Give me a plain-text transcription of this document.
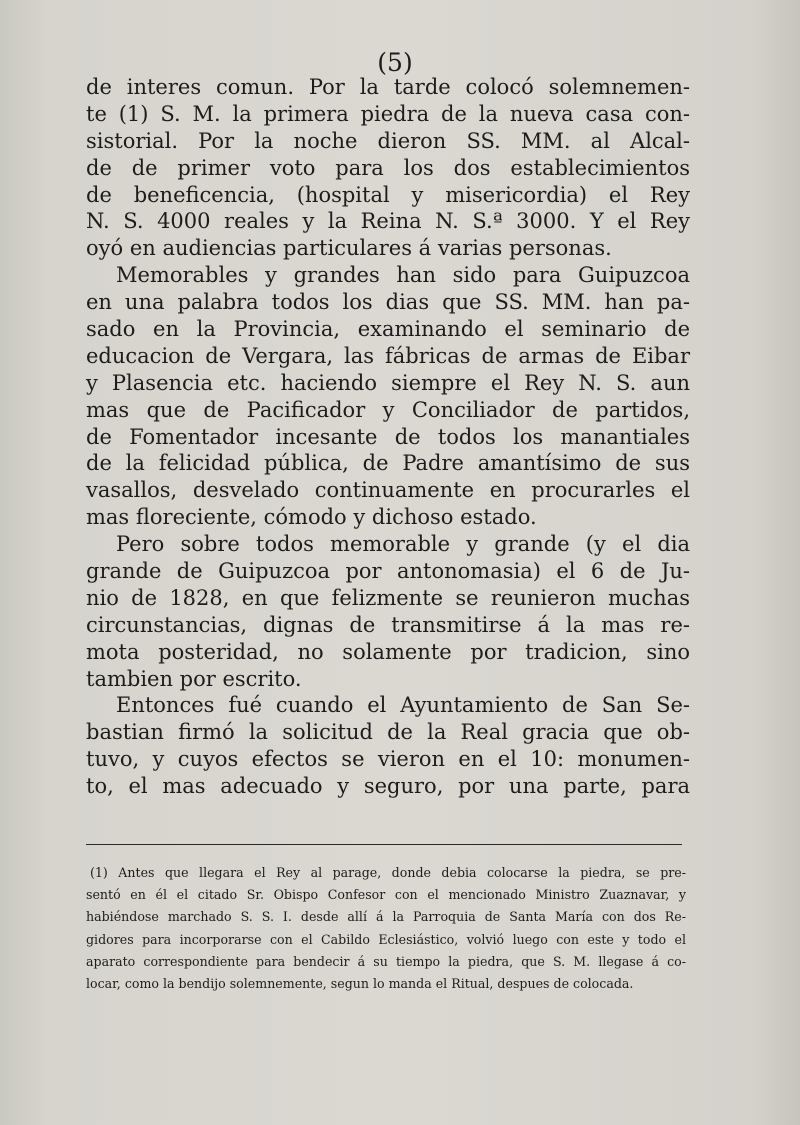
(5)
de interes comun. Por la tarde colocó solemnemen-
te (1) S. M. la primera piedra de la nueva casa con-
sistorial. Por la noche dieron SS. MM. al Alcal-
de de primer voto para los dos establecimientos
de beneficencia, (hospital y misericordia) el Rey
N. S. 4000 reales y la Reina N. S.ª 3000. Y el Rey
oyó en audiencias particulares á varias personas.
Memorables y grandes han sido para Guipuzcoa
en una palabra todos los dias que SS. MM. han pa-
sado en la Provincia, examinando el seminario de
educacion de Vergara, las fábricas de armas de Eibar
y Plasencia etc. haciendo siempre el Rey N. S. aun
mas que de Pacificador y Conciliador de partidos,
de Fomentador incesante de todos los manantiales
de la felicidad pública, de Padre amantísimo de sus
vasallos, desvelado continuamente en procurarles el
mas floreciente, cómodo y dichoso estado.
Pero sobre todos memorable y grande (y el dia
grande de Guipuzcoa por antonomasia) el 6 de Ju-
nio de 1828, en que felizmente se reunieron muchas
circunstancias, dignas de transmitirse á la mas re-
mota posteridad, no solamente por tradicion, sino
tambien por escrito.
Entonces fué cuando el Ayuntamiento de San Se-
bastian firmó la solicitud de la Real gracia que ob-
tuvo, y cuyos efectos se vieron en el 10: monumen-
to, el mas adecuado y seguro, por una parte, para
(1) Antes que llegara el Rey al parage, donde debia colocarse la piedra, se pre-
sentó en él el citado Sr. Obispo Confesor con el mencionado Ministro Zuaznavar, y
habiéndose marchado S. S. I. desde allí á la Parroquia de Santa María con dos Re-
gidores para incorporarse con el Cabildo Eclesiástico, volvió luego con este y todo el
aparato correspondiente para bendecir á su tiempo la piedra, que S. M. llegase á co-
locar, como la bendijo solemnemente, segun lo manda el Ritual, despues de colocada.
